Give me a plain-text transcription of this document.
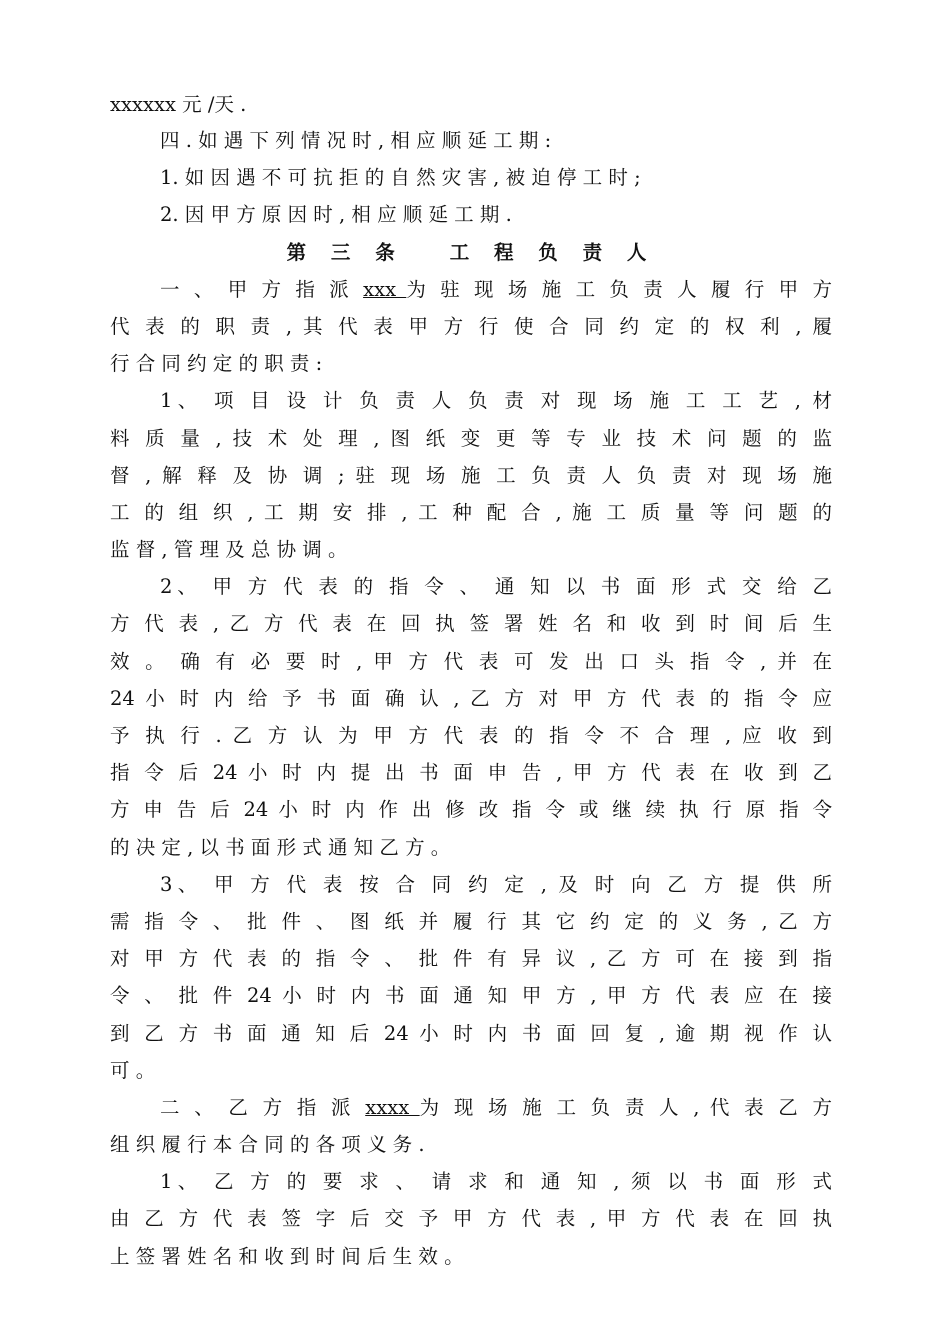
xxxxxx 元 /天 .
四 . 如 遇 下 列 情 况 时 , 相 应 顺 延 工 期 :
1. 如 因 遇 不 可 抗 拒 的 自 然 灾 害 , 被 迫 停 工 时 ;
2. 因 甲 方 原 因 时 , 相 应 顺 延 工 期 .
第 三 条 工 程 负 责 人
一 、 甲 方 指 派 xxx 为 驻 现 场 施 工 负 责 人 履 行 甲 方
代 表 的 职 责 , 其 代 表 甲 方 行 使 合 同 约 定 的 权 利 , 履
行 合 同 约 定 的 职 责 :
1、 项 目 设 计 负 责 人 负 责 对 现 场 施 工 工 艺 , 材
料 质 量 , 技 术 处 理 , 图 纸 变 更 等 专 业 技 术 问 题 的 监
督 , 解 释 及 协 调 ; 驻 现 场 施 工 负 责 人 负 责 对 现 场 施
工 的 组 织 , 工 期 安 排 , 工 种 配 合 , 施 工 质 量 等 问 题 的
监 督 , 管 理 及 总 协 调 。
2、 甲 方 代 表 的 指 令 、 通 知 以 书 面 形 式 交 给 乙
方 代 表 , 乙 方 代 表 在 回 执 签 署 姓 名 和 收 到 时 间 后 生
效 。 确 有 必 要 时 , 甲 方 代 表 可 发 出 口 头 指 令 , 并 在
24 小 时 内 给 予 书 面 确 认 , 乙 方 对 甲 方 代 表 的 指 令 应
予 执 行 . 乙 方 认 为 甲 方 代 表 的 指 令 不 合 理 , 应 收 到
指 令 后 24 小 时 内 提 出 书 面 申 告 , 甲 方 代 表 在 收 到 乙
方 申 告 后 24 小 时 内 作 出 修 改 指 令 或 继 续 执 行 原 指 令
的 决 定 , 以 书 面 形 式 通 知 乙 方 。
3、 甲 方 代 表 按 合 同 约 定 , 及 时 向 乙 方 提 供 所
需 指 令 、 批 件 、 图 纸 并 履 行 其 它 约 定 的 义 务 , 乙 方
对 甲 方 代 表 的 指 令 、 批 件 有 异 议 , 乙 方 可 在 接 到 指
令 、 批 件 24 小 时 内 书 面 通 知 甲 方 , 甲 方 代 表 应 在 接
到 乙 方 书 面 通 知 后 24 小 时 内 书 面 回 复 , 逾 期 视 作 认
可 。
二 、 乙 方 指 派 xxxx 为 现 场 施 工 负 责 人 , 代 表 乙 方
组 织 履 行 本 合 同 的 各 项 义 务 .
1、 乙 方 的 要 求 、 请 求 和 通 知 , 须 以 书 面 形 式
由 乙 方 代 表 签 字 后 交 予 甲 方 代 表 , 甲 方 代 表 在 回 执
上 签 署 姓 名 和 收 到 时 间 后 生 效 。
